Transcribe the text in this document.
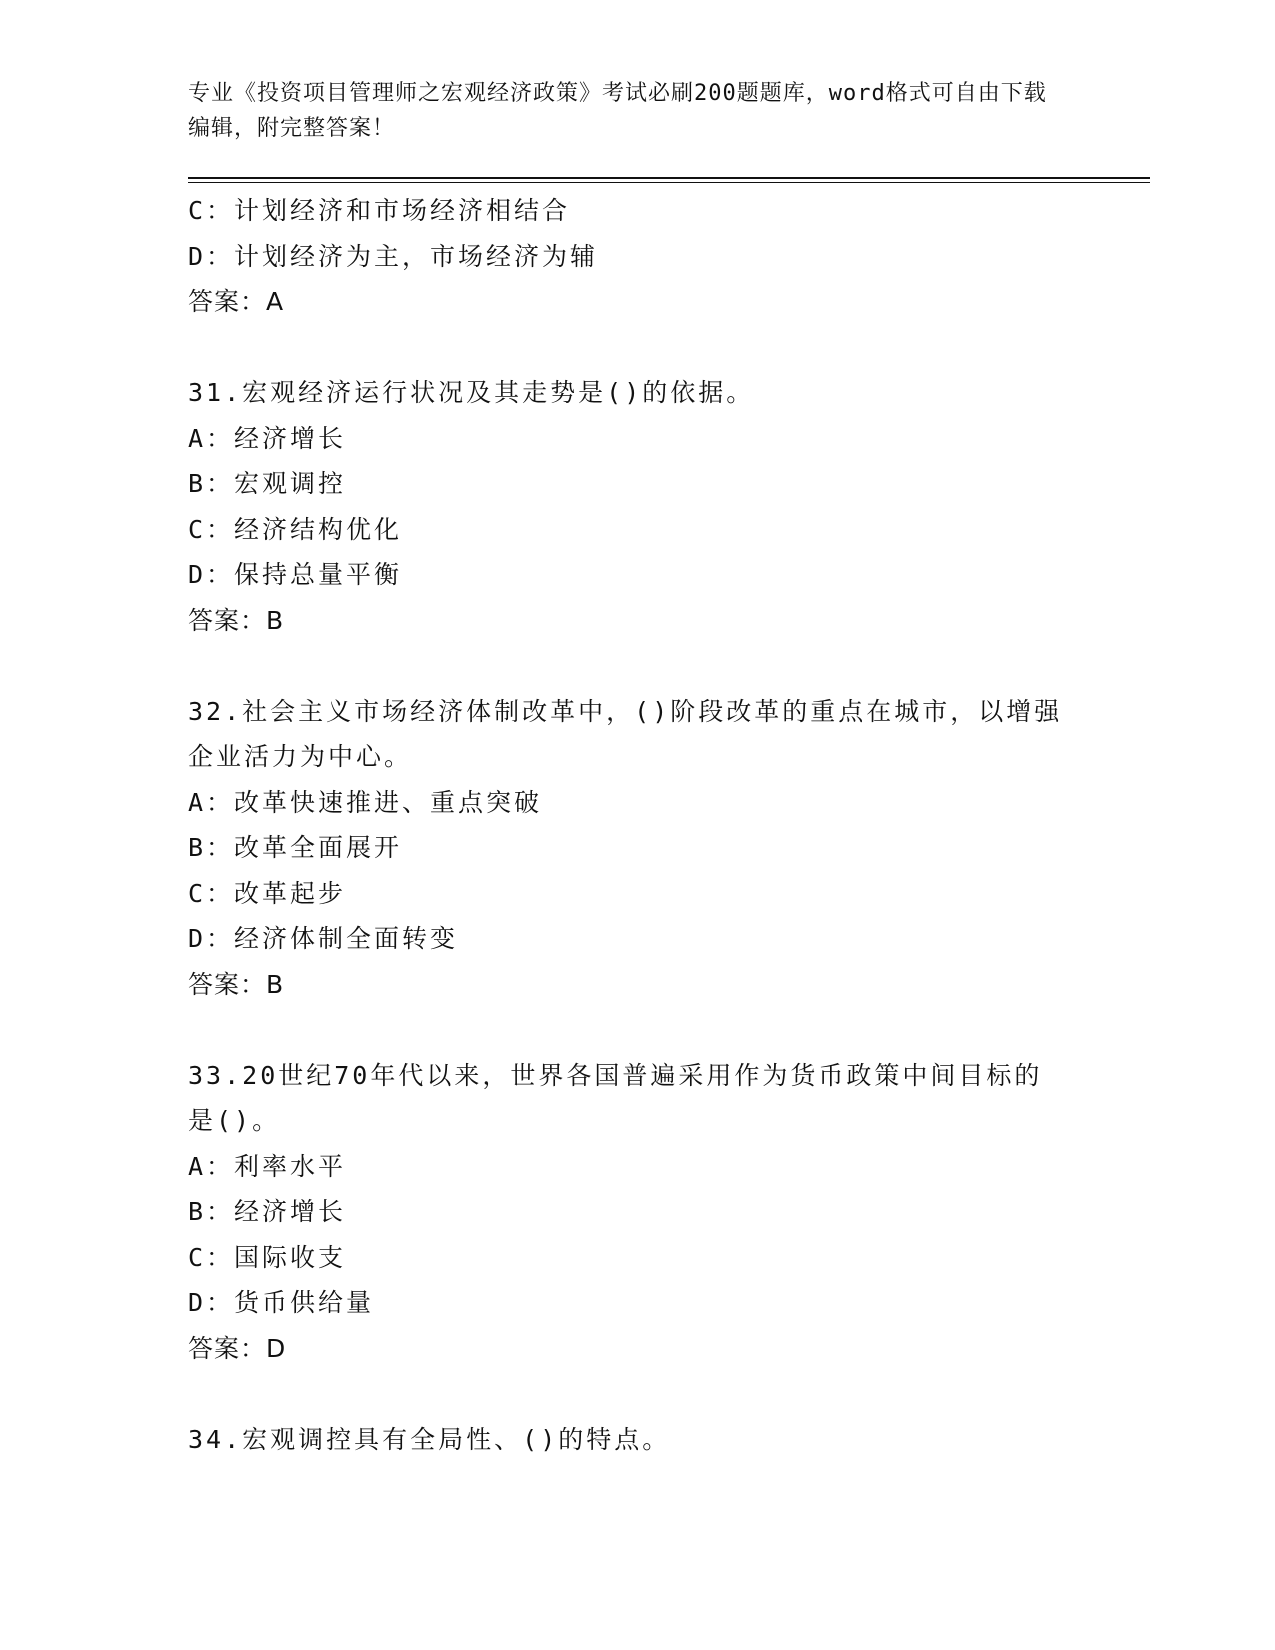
专业《投资项目管理师之宏观经济政策》考试必刷200题题库，word格式可自由下载编辑，附完整答案！
C：计划经济和市场经济相结合
D：计划经济为主，市场经济为辅
答案：A
31.宏观经济运行状况及其走势是()的依据。
A：经济增长
B：宏观调控
C：经济结构优化
D：保持总量平衡
答案：B
32.社会主义市场经济体制改革中，()阶段改革的重点在城市，以增强企业活力为中心。
A：改革快速推进、重点突破
B：改革全面展开
C：改革起步
D：经济体制全面转变
答案：B
33.20世纪70年代以来，世界各国普遍采用作为货币政策中间目标的是()。
A：利率水平
B：经济增长
C：国际收支
D：货币供给量
答案：D
34.宏观调控具有全局性、()的特点。
